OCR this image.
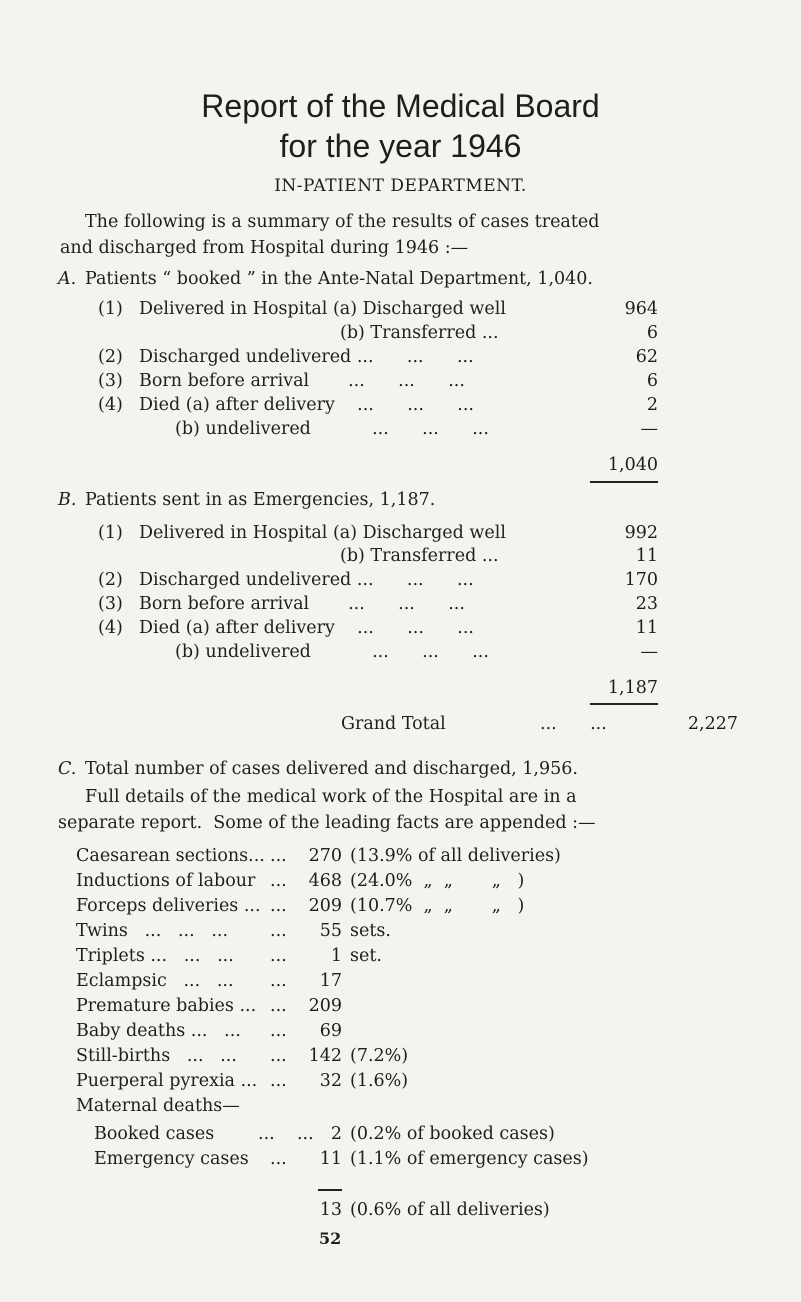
Report of the Medical Board
for the year 1946
IN-PATIENT DEPARTMENT.
The following is a summary of the results of cases treated
and discharged from Hospital during 1946 :—
A. Patients “ booked ” in the Ante-Natal Department, 1,040.
(1) Delivered in Hospital (a) Discharged well	964
(b) Transferred ...	6
(2) Discharged undelivered ...      ...      ...	62
(3) Born before arrival       ...      ...      ...	6
(4) Died (a) after delivery    ...      ...      ...	2
(b) undelivered           ...      ...      ...	—
1,040
B. Patients sent in as Emergencies, 1,187.
(1) Delivered in Hospital (a) Discharged well	992
(b) Transferred ...	11
(2) Discharged undelivered ...      ...      ...	170
(3) Born before arrival       ...      ...      ...	23
(4) Died (a) after delivery    ...      ...      ...	11
(b) undelivered           ...      ...      ...	—
1,187
Grand Total	...      ...	2,227
C. Total number of cases delivered and discharged, 1,956.
Full details of the medical work of the Hospital are in a
separate report.  Some of the leading facts are appended :—
Caesarean sections... ...	270 (13.9% of all deliveries)
Inductions of labour ...	468 (24.0%  „  „       „   )
Forceps deliveries ... ...	209 (10.7%  „  „       „   )
Twins   ...   ...   ... ...	55 sets.
Triplets ...   ...   ... ...	1 set.
Eclampsic   ...   ... ...	17
Premature babies ... ...	209
Baby deaths ...   ... ...	69
Still-births   ...   ... ...	142 (7.2%)
Puerperal pyrexia ... ...	32 (1.6%)
Maternal deaths—
Booked cases	...    ... 2 (0.2% of booked cases)
Emergency cases ...	11 (1.1% of emergency cases)
13 (0.6% of all deliveries)
52
